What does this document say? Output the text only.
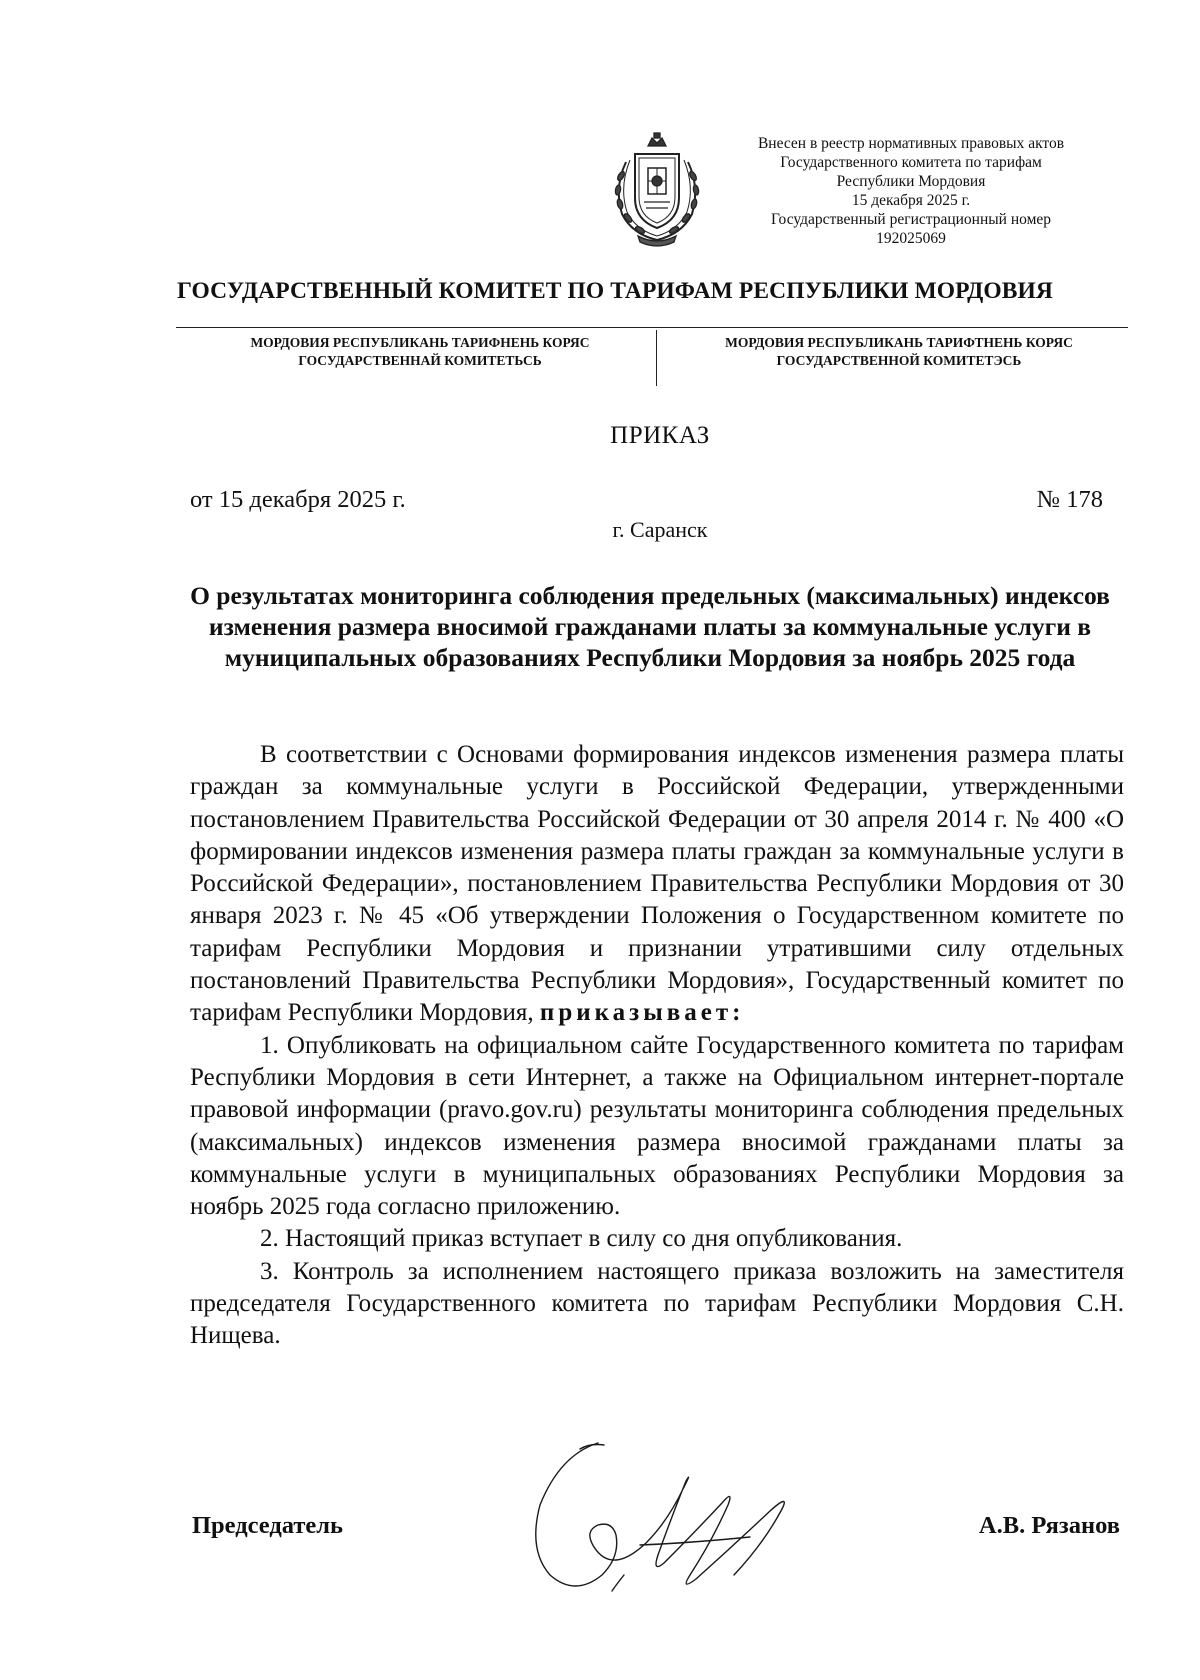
Внесен в реестр нормативных правовых актов
Государственного комитета по тарифам
Республики Мордовия
15 декабря 2025 г.
Государственный регистрационный номер
192025069
ГОСУДАРСТВЕННЫЙ КОМИТЕТ ПО ТАРИФАМ РЕСПУБЛИКИ МОРДОВИЯ
МОРДОВИЯ РЕСПУБЛИКАНЬ ТАРИФНЕНЬ КОРЯС
ГОСУДАРСТВЕННАЙ КОМИТЕТЬСЬ
МОРДОВИЯ РЕСПУБЛИКАНЬ ТАРИФТНЕНЬ КОРЯС
ГОСУДАРСТВЕННОЙ КОМИТЕТЭСЬ
ПРИКАЗ
от 15 декабря 2025 г.	№ 178
г. Саранск
О результатах мониторинга соблюдения предельных (максимальных) индексов изменения размера вносимой гражданами платы за коммунальные услуги в муниципальных образованиях Республики Мордовия за ноябрь 2025 года

В соответствии с Основами формирования индексов изменения размера платы граждан за коммунальные услуги в Российской Федерации, утвержденными постановлением Правительства Российской Федерации от 30 апреля 2014 г. № 400 «О формировании индексов изменения размера платы граждан за коммунальные услуги в Российской Федерации», постановлением Правительства Республики Мордовия от 30 января 2023 г. № 45 «Об утверждении Положения о Государственном комитете по тарифам Республики Мордовия и признании утратившими силу отдельных постановлений Правительства Республики Мордовия», Государственный комитет по тарифам Республики Мордовия, приказывает:

1. Опубликовать на официальном сайте Государственного комитета по тарифам Республики Мордовия в сети Интернет, а также на Официальном интернет-портале правовой информации (pravo.gov.ru) результаты мониторинга соблюдения предельных (максимальных) индексов изменения размера вносимой гражданами платы за коммунальные услуги в муниципальных образованиях Республики Мордовия за ноябрь 2025 года согласно приложению.

2. Настоящий приказ вступает в силу со дня опубликования.

3. Контроль за исполнением настоящего приказа возложить на заместителя председателя Государственного комитета по тарифам Республики Мордовия С.Н. Нищева.

Председатель	А.В. Рязанов
